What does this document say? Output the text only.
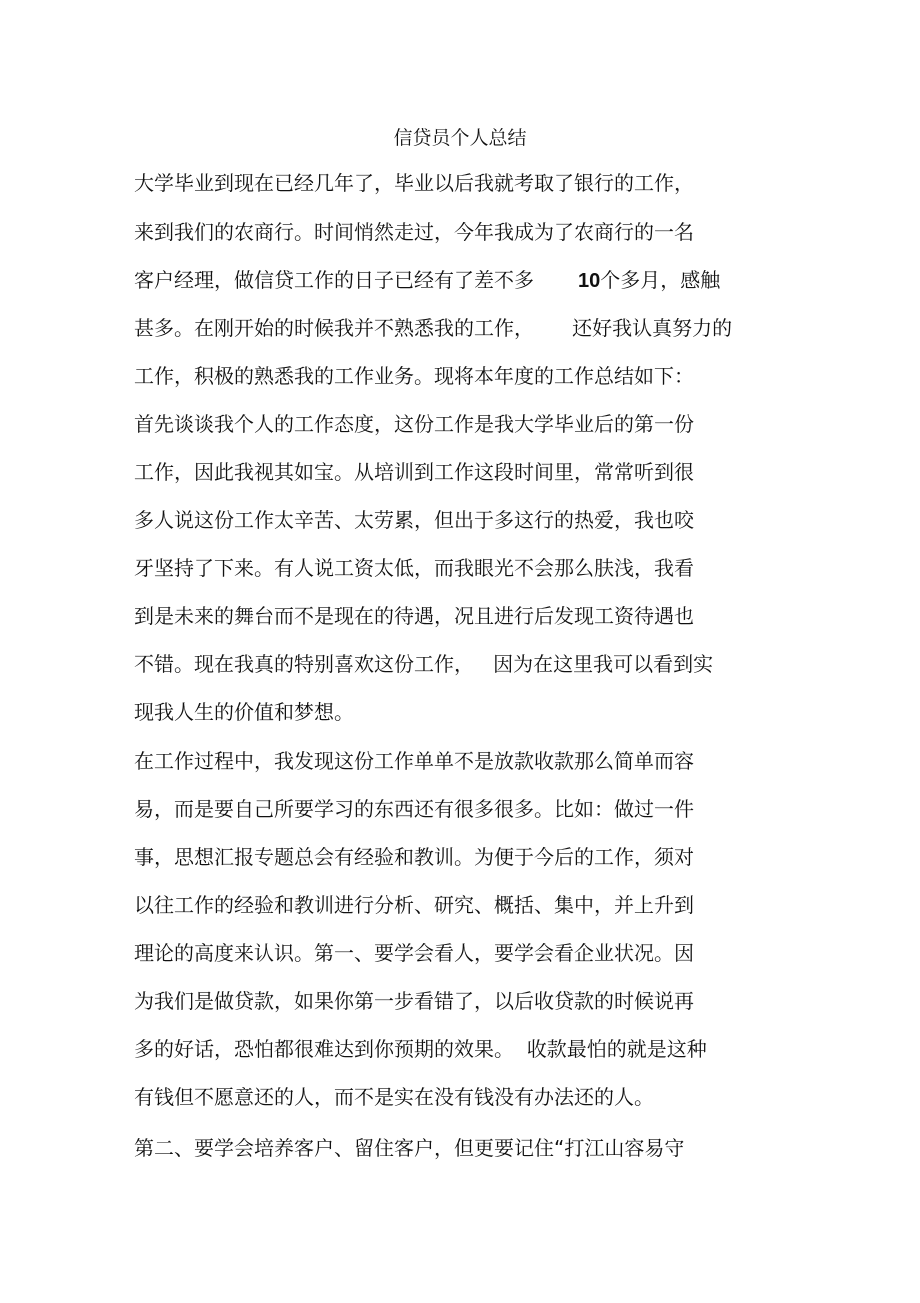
信贷员个人总结

大学毕业到现在已经几年了，毕业以后我就考取了银行的工作，

来到我们的农商行。时间悄然走过，今年我成为了农商行的一名

客户经理，做信贷工作的日子已经有了差不多 10个多月，感触

甚多。在刚开始的时候我并不熟悉我的工作，      还好我认真努力的

工作，积极的熟悉我的工作业务。现将本年度的工作总结如下：

首先谈谈我个人的工作态度，这份工作是我大学毕业后的第一份

工作，因此我视其如宝。从培训到工作这段时间里，常常听到很

多人说这份工作太辛苦、太劳累，但出于多这行的热爱，我也咬

牙坚持了下来。有人说工资太低，而我眼光不会那么肤浅，我看

到是未来的舞台而不是现在的待遇，况且进行后发现工资待遇也

不错。现在我真的特别喜欢这份工作，   因为在这里我可以看到实

现我人生的价值和梦想。

在工作过程中，我发现这份工作单单不是放款收款那么简单而容

易，而是要自己所要学习的东西还有很多很多。比如：做过一件

事，思想汇报专题总会有经验和教训。为便于今后的工作，须对

以往工作的经验和教训进行分析、研究、概括、集中，并上升到

理论的高度来认识。第一、要学会看人，要学会看企业状况。因

为我们是做贷款，如果你第一步看错了，以后收贷款的时候说再

多的好话，恐怕都很难达到你预期的效果。  收款最怕的就是这种

有钱但不愿意还的人，而不是实在没有钱没有办法还的人。

第二、要学会培养客户、留住客户，但更要记住“打江山容易守
